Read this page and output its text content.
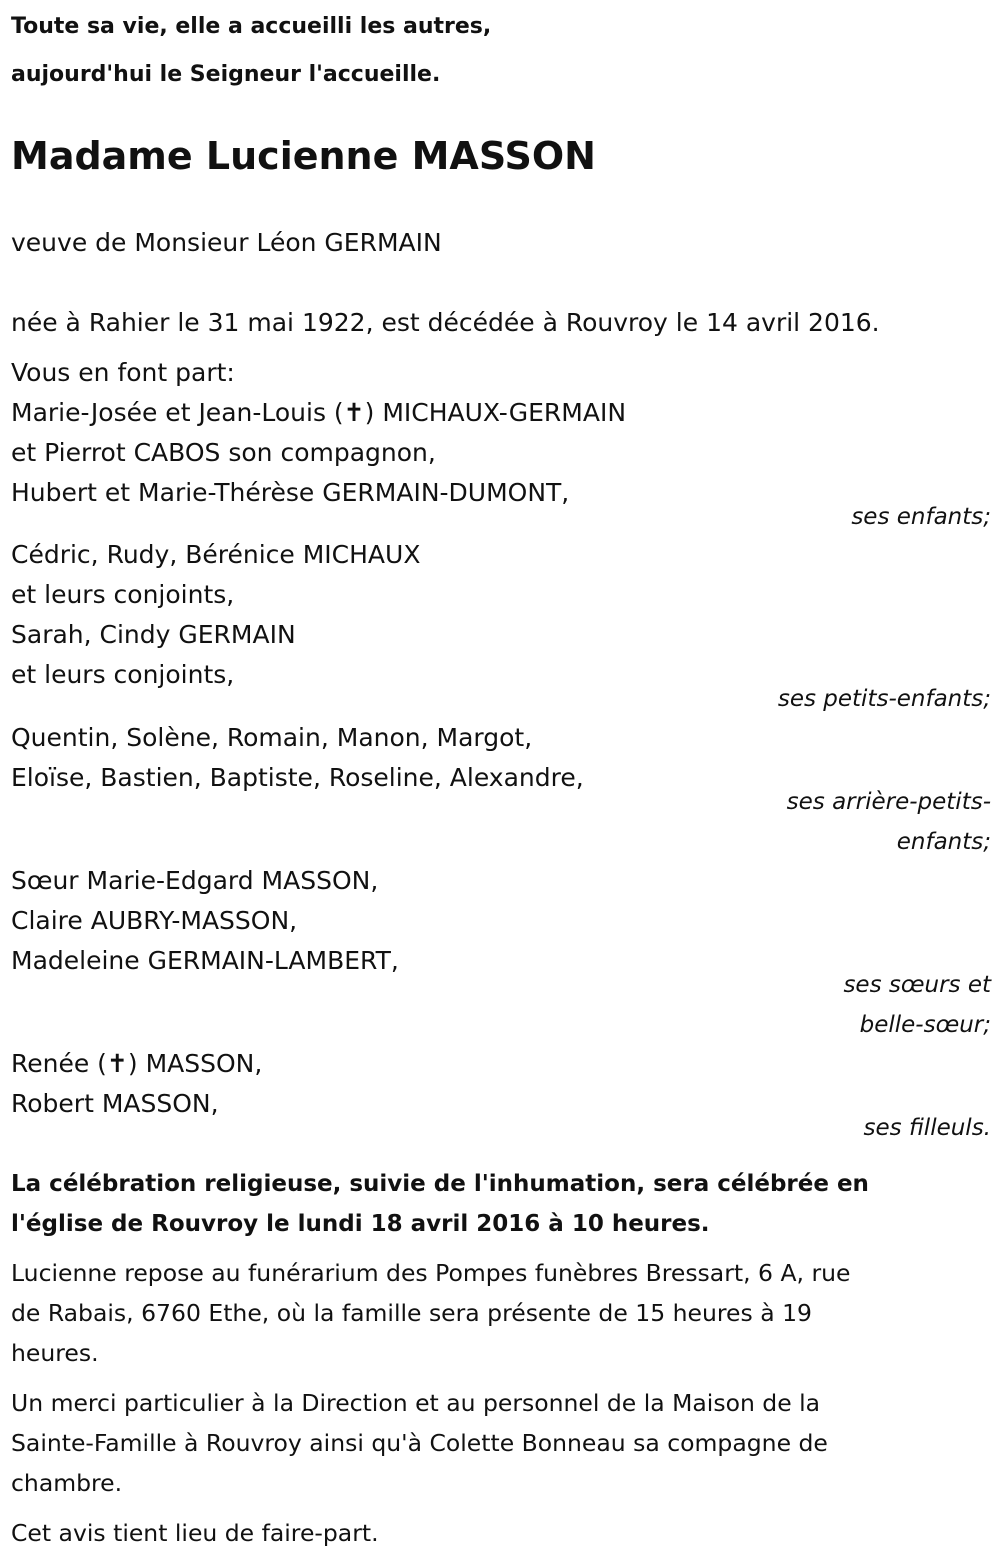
Toute sa vie, elle a accueilli les autres,
aujourd'hui le Seigneur l'accueille.
Madame Lucienne MASSON
veuve de Monsieur Léon GERMAIN
née à Rahier le 31 mai 1922, est décédée à Rouvroy le 14 avril 2016.
Vous en font part:
Marie-Josée et Jean-Louis (✝) MICHAUX-GERMAIN
et Pierrot CABOS son compagnon,
Hubert et Marie-Thérèse GERMAIN-DUMONT,
ses enfants;
Cédric, Rudy, Bérénice MICHAUX
et leurs conjoints,
Sarah, Cindy GERMAIN
et leurs conjoints,
ses petits-enfants;
Quentin, Solène, Romain, Manon, Margot,
Eloïse, Bastien, Baptiste, Roseline, Alexandre,
ses arrière-petits-
enfants;
Sœur Marie-Edgard MASSON,
Claire AUBRY-MASSON,
Madeleine GERMAIN-LAMBERT,
ses sœurs et
belle-sœur;
Renée (✝) MASSON,
Robert MASSON,
ses filleuls.
La célébration religieuse, suivie de l'inhumation, sera célébrée en
l'église de Rouvroy le lundi 18 avril 2016 à 10 heures.
Lucienne repose au funérarium des Pompes funèbres Bressart, 6 A, rue
de Rabais, 6760 Ethe, où la famille sera présente de 15 heures à 19
heures.
Un merci particulier à la Direction et au personnel de la Maison de la
Sainte-Famille à Rouvroy ainsi qu'à Colette Bonneau sa compagne de
chambre.
Cet avis tient lieu de faire-part.
